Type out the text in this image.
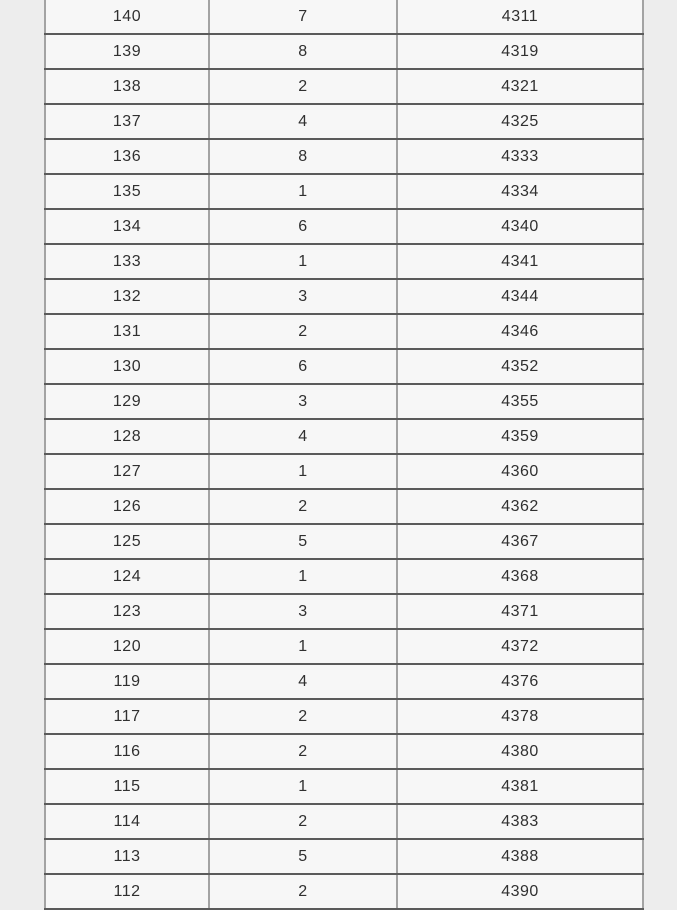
140	7	4311
139	8	4319
138	2	4321
137	4	4325
136	8	4333
135	1	4334
134	6	4340
133	1	4341
132	3	4344
131	2	4346
130	6	4352
129	3	4355
128	4	4359
127	1	4360
126	2	4362
125	5	4367
124	1	4368
123	3	4371
120	1	4372
119	4	4376
117	2	4378
116	2	4380
115	1	4381
114	2	4383
113	5	4388
112	2	4390
